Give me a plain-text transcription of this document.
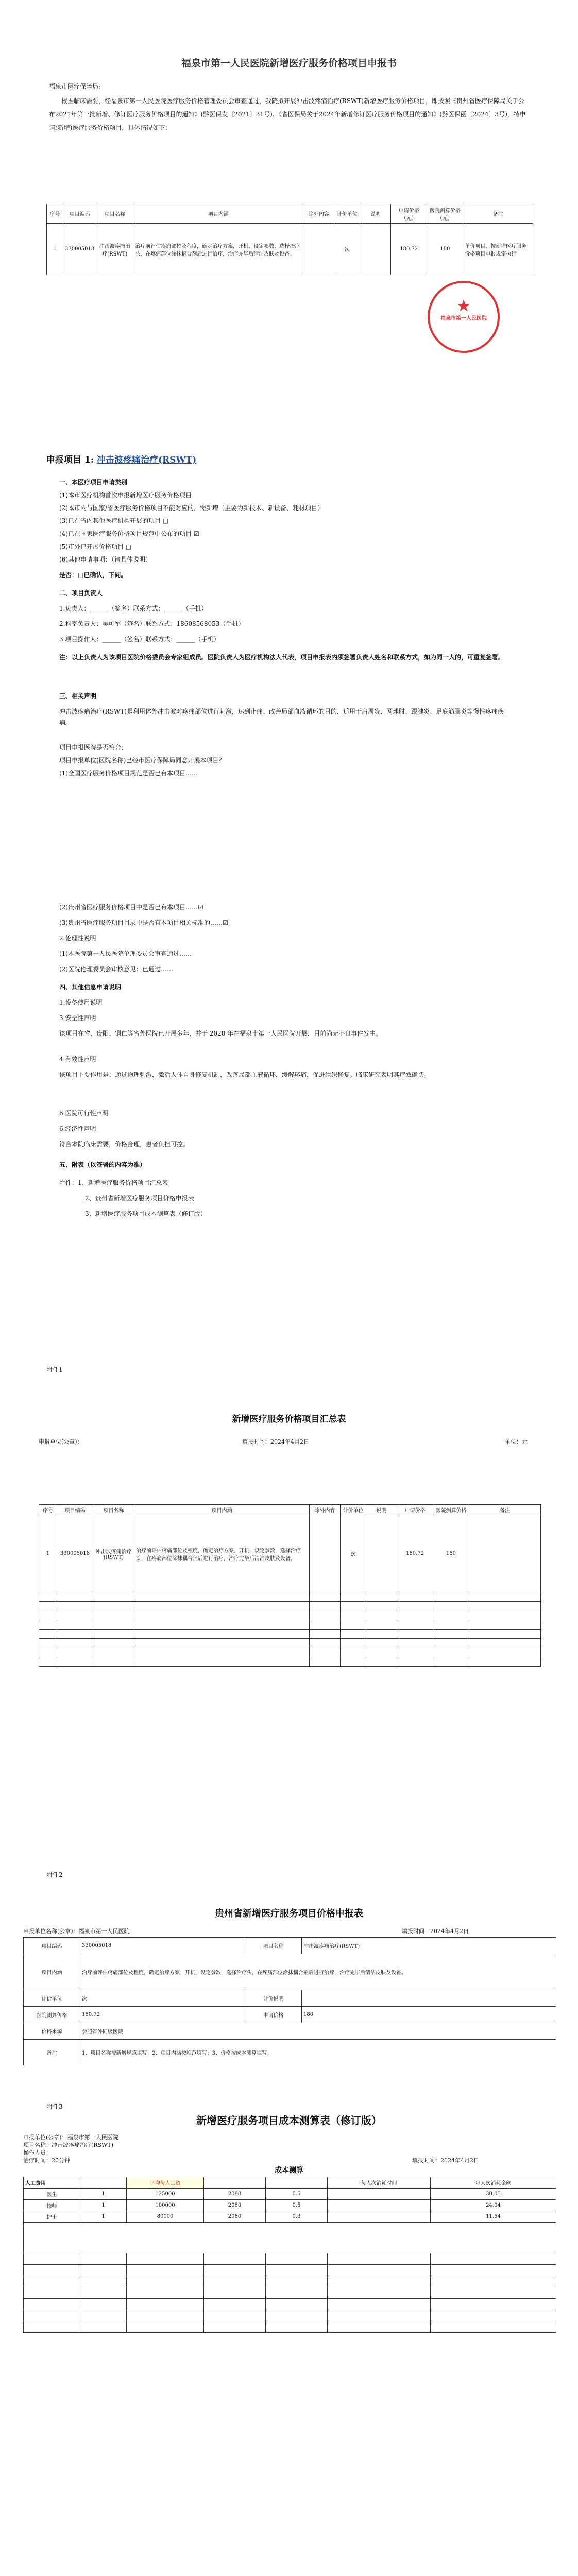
福泉市第一人民医院新增医疗服务价格项目申报书
福泉市医疗保障局:
根据临床需要，经福泉市第一人民医院医疗服务价格管理委员会审查通过，我院拟开展冲击波疼痛治疗(RSWT)新增医疗服务价格项目，即按照《贵州省医疗保障局关于公布2021年第一批新增、修订医疗服务价格项目的通知》(黔医保发〔2021〕31号)、《省医保局关于2024年新增修订医疗服务价格项目的通知》(黔医保函〔2024〕3号)，特申请(新增)医疗服务价格项目，具体情况如下：
序号	项目编码	项目名称	项目内涵	除外内容	计价单位	说明	申请价格（元）	医院测算价格（元）	备注
1	330005018	冲击波疼痛治疗(RSWT)	治疗前评估疼痛部位及程度，确定治疗方案，开机，设定参数，选择治疗头，在疼痛部位涂抹耦合剂后进行治疗，治疗完毕后清洁皮肤及设备。		次		180.72	180	单价项目，按新增医疗服务价格项目申报规定执行
★
福泉市第一人民医院
申报项目 1: 冲击波疼痛治疗(RSWT)
一、本医疗项目申请类别
(1)本市医疗机构首次申报新增医疗服务价格项目
(2)本市内与国家/省医疗服务价格项目不能对应的，需新增（主要为新技术、新设备、耗材项目）
(3)已在省内其他医疗机构开展的项目 □
(4)已在国家医疗服务价格项目规范中公布的项目 ☑
(5)市外已开展价格项目 □
(6)其他申请事项：（请具体说明）
是否：□已确认，下同。
二、项目负责人
1.负责人：______（签名）联系方式：______（手机）
2.科室负责人：吴可军（签名）联系方式：18608568053（手机）
3.项目操作人：______（签名）联系方式：______（手机）
注：以上负责人为该项目医院价格委员会专家组成员。医院负责人为医疗机构法人代表，项目申报表内须签署负责人姓名和联系方式，如为同一人的，可重复签署。
三、相关声明
冲击波疼痛治疗(RSWT)是利用体外冲击波对疼痛部位进行刺激，达到止痛、改善局部血液循环的目的，适用于肩周炎、网球肘、跟腱炎、足底筋膜炎等慢性疼痛疾病。
项目申报医院是否符合：
项目申报单位(医院名称)已经市医疗保障局同意开展本项目？
(1)全国医疗服务价格项目规范是否已有本项目……
(2)贵州省医疗服务价格项目中是否已有本项目……☑
(3)贵州省医疗服务项目目录中是否有本项目相关标准的……☑
2.伦理性说明
(1)本医院第一人民医院伦理委员会审查通过……
(2)医院伦理委员会审核意见：已通过……
四、其他信息申请说明
1.设备使用说明
3.安全性声明
该项目在省、贵阳、铜仁等省外医院已开展多年，并于 2020 年在福泉市第一人民医院开展，目前尚无不良事件发生。
4.有效性声明
该项目主要作用是：通过物理刺激，激活人体自身修复机制，改善局部血液循环，缓解疼痛，促进组织修复。临床研究表明其疗效确切。
6.医院可行性声明
6.经济性声明
符合本院临床需要，价格合理，患者负担可控。
五、附表（以签署的内容为准）
附件：1、新增医疗服务价格项目汇总表
2、贵州省新增医疗服务项目价格申报表
3、新增医疗服务项目成本测算表（修订版）
附件1
新增医疗服务价格项目汇总表
申报单位(公章)：	填报时间：2024年4月2日	单位：元
序号	项目编码	项目名称	项目内涵	除外内容	计价单位	说明	申请价格	医院测算价格	备注
1	330005018	冲击波疼痛治疗(RSWT)	治疗前评估疼痛部位及程度，确定治疗方案，开机，设定参数，选择治疗头，在疼痛部位涂抹耦合剂后进行治疗，治疗完毕后清洁皮肤及设备。		次		180.72	180	

附件2
贵州省新增医疗服务项目价格申报表
申报单位名称(公章)：福泉市第一人民医院	填报时间：2024年4月2日
项目编码	330005018	项目名称	冲击波疼痛治疗(RSWT)
项目内涵	治疗前评估疼痛部位及程度，确定治疗方案；开机，设定参数，选择治疗头，在疼痛部位涂抹耦合剂后进行治疗，治疗完毕后清洁皮肤及设备。		
计价单位	次	计价说明	
医院测算价格	180.72	申请价格	180
价格来源	参照省外同级医院		
备注	1、项目名称按新增规范填写；2、项目内涵按规范填写；3、价格按成本测算填写。		
附件3
新增医疗服务项目成本测算表（修订版）
申报单位(公章)：福泉市第一人民医院
项目名称：冲击波疼痛治疗(RSWT)
操作人员：
治疗时间：20分钟	填报时间：2024年4月2日
成本测算
人工费用		平均每人工资			每人次消耗时间	每人次消耗金额
医生	1	125000	2080	0.5		30.05
技师	1	100000	2080	0.5		24.04
护士	1	80000	2080	0.3		11.54
